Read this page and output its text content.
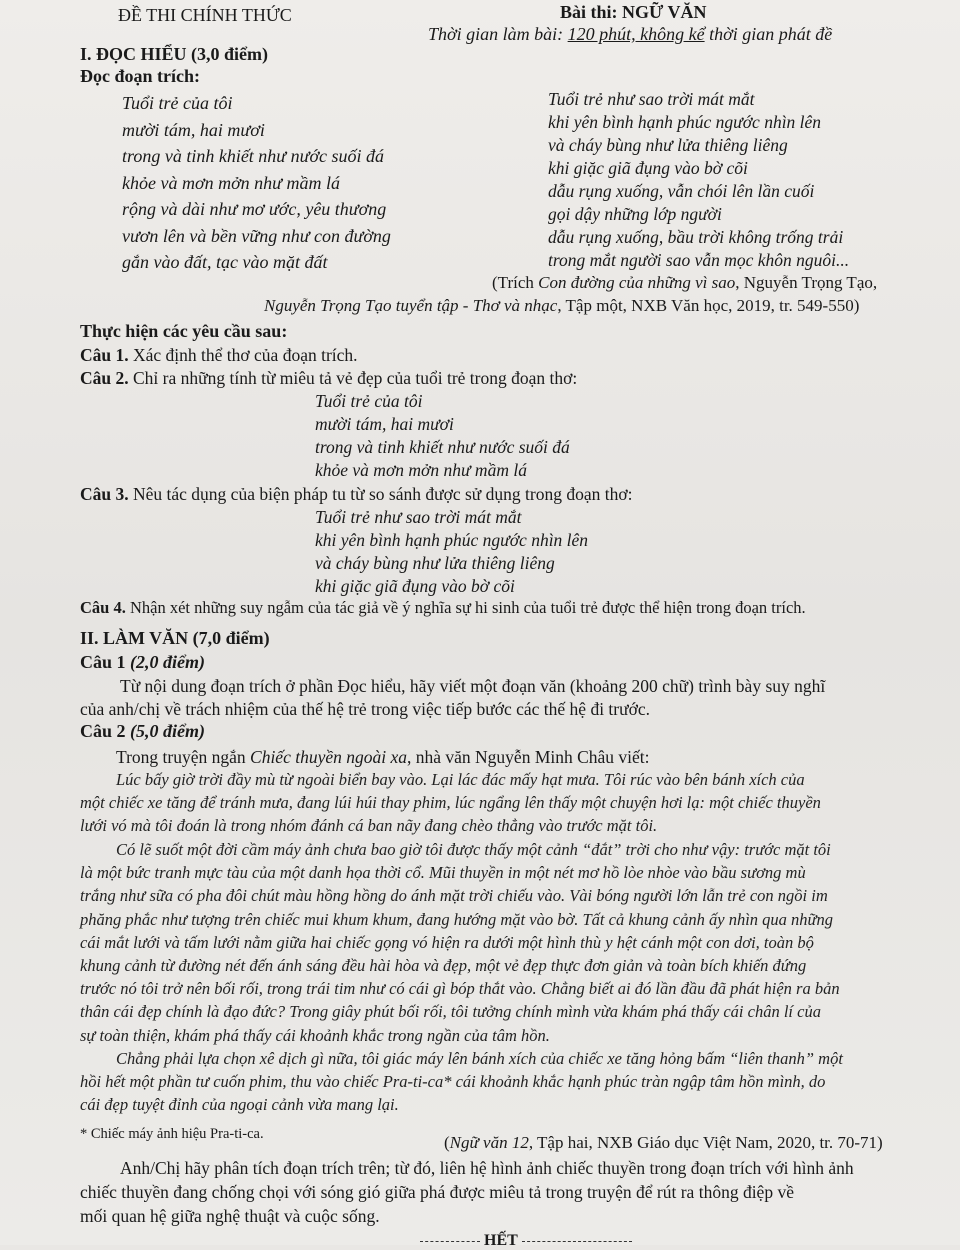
ĐỀ THI CHÍNH THỨC	Bài thi: NGỮ VĂN
Thời gian làm bài: 120 phút, không kể thời gian phát đề
I. ĐỌC HIỂU (3,0 điểm)
Đọc đoạn trích:
Tuổi trẻ của tôi
mười tám, hai mươi
trong và tinh khiết như nước suối đá
khỏe và mơn mởn như mầm lá
rộng và dài như mơ ước, yêu thương
vươn lên và bền vững như con đường
gắn vào đất, tạc vào mặt đất
Tuổi trẻ như sao trời mát mắt
khi yên bình hạnh phúc ngước nhìn lên
và cháy bùng như lửa thiêng liêng
khi giặc giã đụng vào bờ cõi
dẫu rụng xuống, vẫn chói lên lần cuối
gọi dậy những lớp người
dẫu rụng xuống, bầu trời không trống trải
trong mắt người sao vẫn mọc khôn nguôi...
(Trích Con đường của những vì sao, Nguyễn Trọng Tạo,
Nguyễn Trọng Tạo tuyển tập - Thơ và nhạc, Tập một, NXB Văn học, 2019, tr. 549-550)
Thực hiện các yêu cầu sau:
Câu 1. Xác định thể thơ của đoạn trích.
Câu 2. Chỉ ra những tính từ miêu tả vẻ đẹp của tuổi trẻ trong đoạn thơ:
Tuổi trẻ của tôi
mười tám, hai mươi
trong và tinh khiết như nước suối đá
khỏe và mơn mởn như mầm lá
Câu 3. Nêu tác dụng của biện pháp tu từ so sánh được sử dụng trong đoạn thơ:
Tuổi trẻ như sao trời mát mắt
khi yên bình hạnh phúc ngước nhìn lên
và cháy bùng như lửa thiêng liêng
khi giặc giã đụng vào bờ cõi
Câu 4. Nhận xét những suy ngẫm của tác giả về ý nghĩa sự hi sinh của tuổi trẻ được thể hiện trong đoạn trích.
II. LÀM VĂN (7,0 điểm)
Câu 1 (2,0 điểm)
Từ nội dung đoạn trích ở phần Đọc hiểu, hãy viết một đoạn văn (khoảng 200 chữ) trình bày suy nghĩ
của anh/chị về trách nhiệm của thế hệ trẻ trong việc tiếp bước các thế hệ đi trước.
Câu 2 (5,0 điểm)
Trong truyện ngắn Chiếc thuyền ngoài xa, nhà văn Nguyễn Minh Châu viết:
Lúc bấy giờ trời đầy mù từ ngoài biển bay vào. Lại lác đác mấy hạt mưa. Tôi rúc vào bên bánh xích của
một chiếc xe tăng để tránh mưa, đang lúi húi thay phim, lúc ngẩng lên thấy một chuyện hơi lạ: một chiếc thuyền
lưới vó mà tôi đoán là trong nhóm đánh cá ban nãy đang chèo thẳng vào trước mặt tôi.
Có lẽ suốt một đời cầm máy ảnh chưa bao giờ tôi được thấy một cảnh “đắt” trời cho như vậy: trước mặt tôi
là một bức tranh mực tàu của một danh họa thời cổ. Mũi thuyền in một nét mơ hồ lòe nhòe vào bầu sương mù
trắng như sữa có pha đôi chút màu hồng hồng do ánh mặt trời chiếu vào. Vài bóng người lớn lẫn trẻ con ngồi im
phăng phắc như tượng trên chiếc mui khum khum, đang hướng mặt vào bờ. Tất cả khung cảnh ấy nhìn qua những
cái mắt lưới và tấm lưới nằm giữa hai chiếc gọng vó hiện ra dưới một hình thù y hệt cánh một con dơi, toàn bộ
khung cảnh từ đường nét đến ánh sáng đều hài hòa và đẹp, một vẻ đẹp thực đơn giản và toàn bích khiến đứng
trước nó tôi trở nên bối rối, trong trái tim như có cái gì bóp thắt vào. Chẳng biết ai đó lần đầu đã phát hiện ra bản
thân cái đẹp chính là đạo đức? Trong giây phút bối rối, tôi tưởng chính mình vừa khám phá thấy cái chân lí của
sự toàn thiện, khám phá thấy cái khoảnh khắc trong ngần của tâm hồn.
Chẳng phải lựa chọn xê dịch gì nữa, tôi giác máy lên bánh xích của chiếc xe tăng hỏng bấm “liên thanh” một
hồi hết một phần tư cuốn phim, thu vào chiếc Pra-ti-ca* cái khoảnh khắc hạnh phúc tràn ngập tâm hồn mình, do
cái đẹp tuyệt đỉnh của ngoại cảnh vừa mang lại.
* Chiếc máy ảnh hiệu Pra-ti-ca.	(Ngữ văn 12, Tập hai, NXB Giáo dục Việt Nam, 2020, tr. 70-71)
Anh/Chị hãy phân tích đoạn trích trên; từ đó, liên hệ hình ảnh chiếc thuyền trong đoạn trích với hình ảnh
chiếc thuyền đang chống chọi với sóng gió giữa phá được miêu tả trong truyện để rút ra thông điệp về
mối quan hệ giữa nghệ thuật và cuộc sống.
HẾT
